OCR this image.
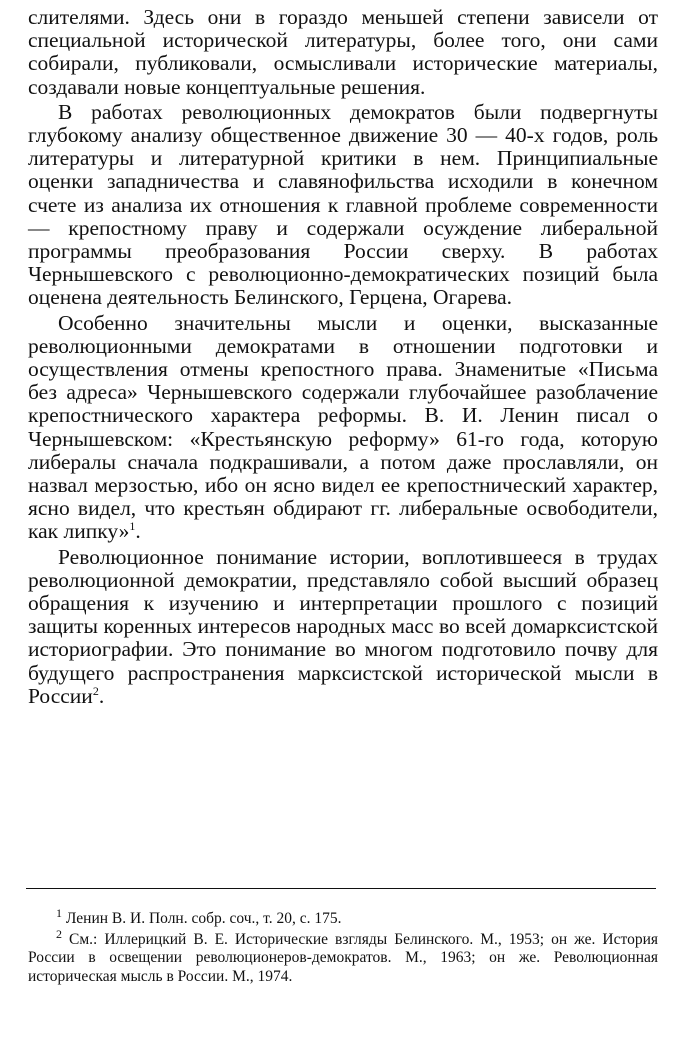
слителями. Здесь они в гораздо меньшей степени зависели от специальной исторической литературы, более того, они сами собирали, публиковали, осмысливали исторические материалы, создавали новые концептуальные решения.

В работах революционных демократов были подвергнуты глубокому анализу общественное движение 30 — 40-х годов, роль литературы и литературной критики в нем. Принципиальные оценки западничества и славянофильства исходили в конечном счете из анализа их отношения к главной проблеме современности — крепостному праву и содержали осуждение либеральной программы преобразования России сверху. В работах Чернышевского с революционно-демократических позиций была оценена деятельность Белинского, Герцена, Огарева.

Особенно значительны мысли и оценки, высказанные революционными демократами в отношении подготовки и осуществления отмены крепостного права. Знаменитые «Письма без адреса» Чернышевского содержали глубочайшее разоблачение крепостнического характера реформы. В. И. Ленин писал о Чернышевском: «Крестьянскую реформу» 61-го года, которую либералы сначала подкрашивали, а потом даже прославляли, он назвал мерзостью, ибо он ясно видел ее крепостнический характер, ясно видел, что крестьян обдирают гг. либеральные освободители, как липку»$^1$.

Революционное понимание истории, воплотившееся в трудах революционной демократии, представляло собой высший образец обращения к изучению и интерпретации прошлого с позиций защиты коренных интересов народных масс во всей домарксистской историографии. Это понимание во многом подготовило почву для будущего распространения марксистской исторической мысли в России$^2$.

$^1$ Ленин В. И. Полн. собр. соч., т. 20, с. 175.

$^2$ См.: Иллерицкий В. Е. Исторические взгляды Белинского. М., 1953; он же. История России в освещении революционеров-демократов. М., 1963; он же. Революционная историческая мысль в России. М., 1974.
